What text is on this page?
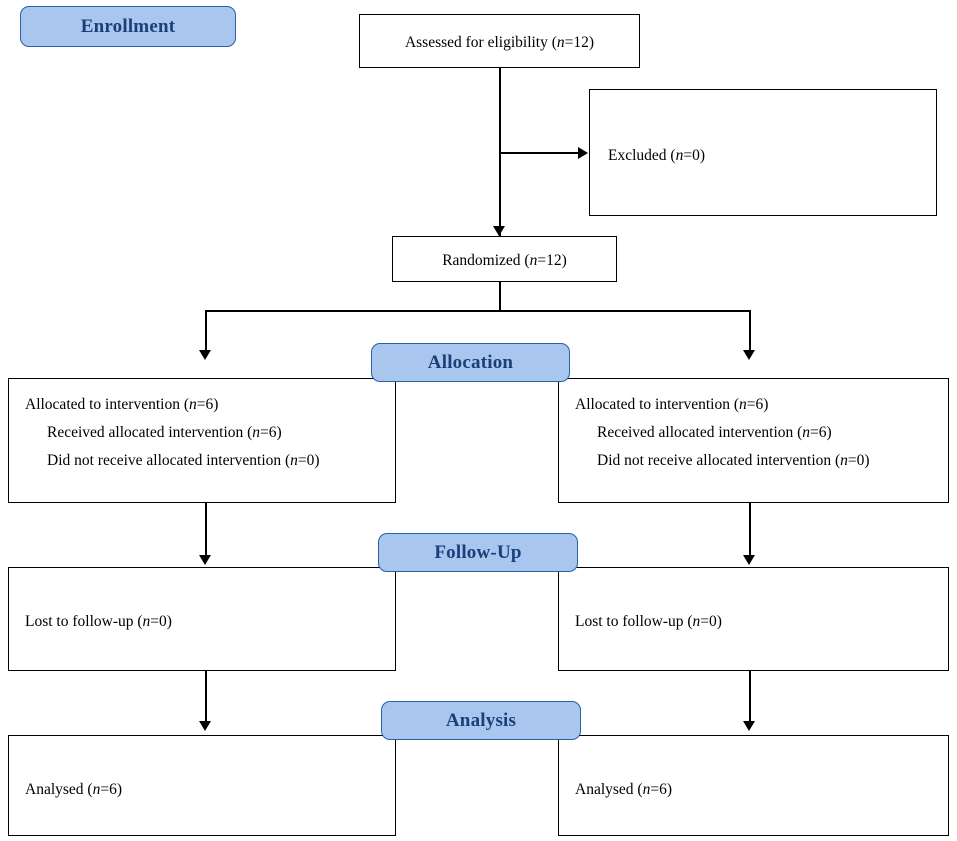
Enrollment
Assessed for eligibility (n=12)
Excluded (n=0)
Randomized (n=12)
Allocation
Allocated to intervention (n=6)
Received allocated intervention (n=6)
Did not receive allocated intervention (n=0)
Allocated to intervention (n=6)
Received allocated intervention (n=6)
Did not receive allocated intervention (n=0)
Follow-Up
Lost to follow-up (n=0)	Lost to follow-up (n=0)
Analysis
Analysed (n=6)	Analysed (n=6)
